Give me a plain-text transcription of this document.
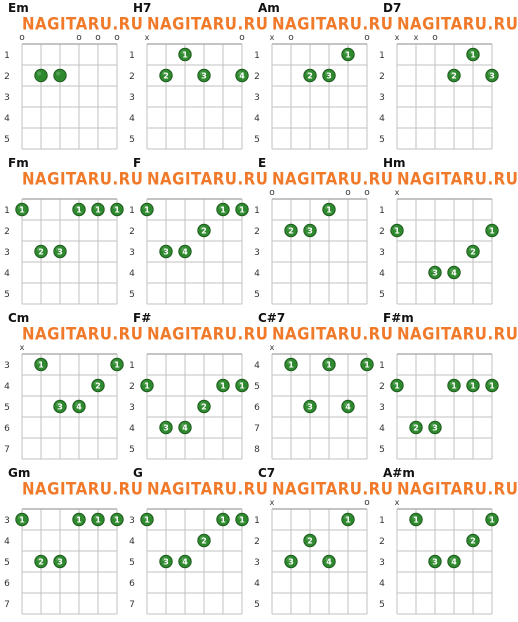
Em
NAGITARU.RU
1
2
3
4
5
o	o o o
H7
NAGITARU.RU
1
2
3
4
5
x	o
1
2	3	4
Am
NAGITARU.RU
1
2
3
4
5
x o	o
1
2 3
D7
NAGITARU.RU
1
2
3
4
5
x x o
1
2	3
Fm
NAGITARU.RU
1
2
3
4
5
1	1 1 1
2 3
F
NAGITARU.RU
1
2
3
4
5
1	1 1
2
3 4
E
NAGITARU.RU
1
2
3
4
5
o	o o
1
2 3
Hm
NAGITARU.RU
1
2
3
4
5
x
1	1
2
3 4
Cm
NAGITARU.RU
3
4
5
6
7
x
1	1
2
3 4
F#
NAGITARU.RU
1
2
3
4
5
1	1 1
2
3 4
C#7
NAGITARU.RU
4
5
6
7
8
x
1	1	1
3	4
F#m
NAGITARU.RU
1
2
3
4
5
1	1 1 1
2 3
Gm
NAGITARU.RU
3
4
5
6
7
1	1 1 1
2 3
G
NAGITARU.RU
3
4
5
6
7
1	1 1
2
3 4
C7
NAGITARU.RU
1
2
3
4
5
x	o
1
2
3	4
A#m
NAGITARU.RU
1
2
3
4
5
x
1	1
2
3 4
